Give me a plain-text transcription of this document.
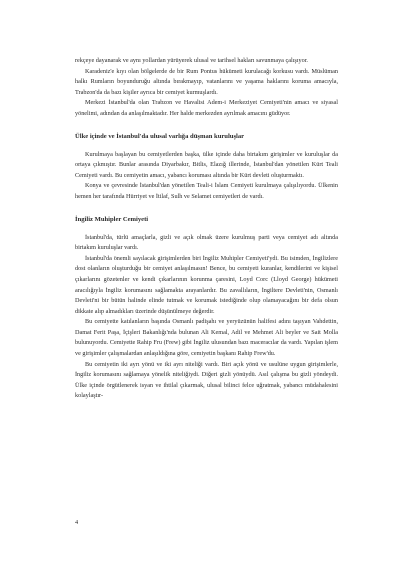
rekçeye dayanarak ve aynı yollardan yürüyerek ulusal ve tarihsel hakları savunmaya çalışıyor.

Karadeniz'e kıyı olan bölgelerde de bir Rum Pontus hükümeti kurulacağı korkusu vardı. Müslüman halkı Rumların boyunduruğu altında bırakmayıp, vatanlarını ve yaşama haklarını koruma amacıyla, Trabzon'da da bazı kişiler ayrıca bir cemiyet kurmuşlardı.

Merkezi İstanbul'da olan Trabzon ve Havalisi Adem-i Merkeziyet Cemiyeti'nin amacı ve siyasal yönelimi, adından da anlaşılmaktadır. Her halde merkezden ayrılmak amacını güdüyor.

Ülke içinde ve İstanbul'da ulusal varlığa düşman kuruluşlar

Kurulmaya başlayan bu cemiyetlerden başka, ülke içinde daha birtakım girişimler ve kuruluşlar da ortaya çıkmıştır. Bunlar arasında Diyarbakır, Bitlis, Elazığ illerinde, İstanbul'dan yönetilen Kürt Teali Cemiyeti vardı. Bu cemiyetin amacı, yabancı koruması altında bir Kürt devleti oluşturmaktı.

Konya ve çevresinde İstanbul'dan yönetilen Teali-i İslam Cemiyeti kurulmaya çalışılıyordu. Ülkenin hemen her tarafında Hürriyet ve İtilaf, Sulh ve Selamet cemiyetleri de vardı.

İngiliz Muhipler Cemiyeti

İstanbul'da, türlü amaçlarla, gizli ve açık olmak üzere kurulmuş parti veya cemiyet adı altında birtakım kuruluşlar vardı.

İstanbul'da önemli sayılacak girişimlerden biri İngiliz Muhipler Cemiyeti'ydi. Bu isimden, İngilizlere dost olanların oluşturduğu bir cemiyet anlaşılmasın! Bence, bu cemiyeti kuranlar, kendilerini ve kişisel çıkarlarını gözetenler ve kendi çıkarlarının korunma çaresini, Loyd Corc (Lloyd George) hükümeti aracılığıyla İngiliz korumasını sağlamakta arayanlardır. Bu zavallıların, İngiltere Devleti'nin, Osmanlı Devleti'ni bir bütün halinde elinde tutmak ve korumak istediğinde olup olamayacağını bir defa olsun dikkate alıp almadıkları üzerinde düşünülmeye değerdir.

Bu cemiyette katılanların başında Osmanlı padişahı ve yeryüzünün halifesi adını taşıyan Vahdettin, Damat Ferit Paşa, İçişleri Bakanlığı'nda bulunan Ali Kemal, Adil ve Mehmet Ali beyler ve Sait Molla bulunuyordu. Cemiyette Rahip Fru (Frew) gibi İngiliz ulusundan bazı maceracılar da vardı. Yapılan işlem ve girişimler çalışmalardan anlaşıldığına göre, cemiyetin başkanı Rahip Frew'du.

Bu cemiyetin iki ayrı yönü ve iki ayrı niteliği vardı. Biri açık yönü ve usulüne uygun girişimlerle, İngiliz korumasını sağlamaya yönelik niteliğiydi. Diğeri gizli yönüydü. Asıl çalışma bu gizli yöndeydi. Ülke içinde örgütlenerek isyan ve ihtilal çıkarmak, ulusal bilinci felce uğratmak, yabancı müdahalesini kolaylaştır-

4
